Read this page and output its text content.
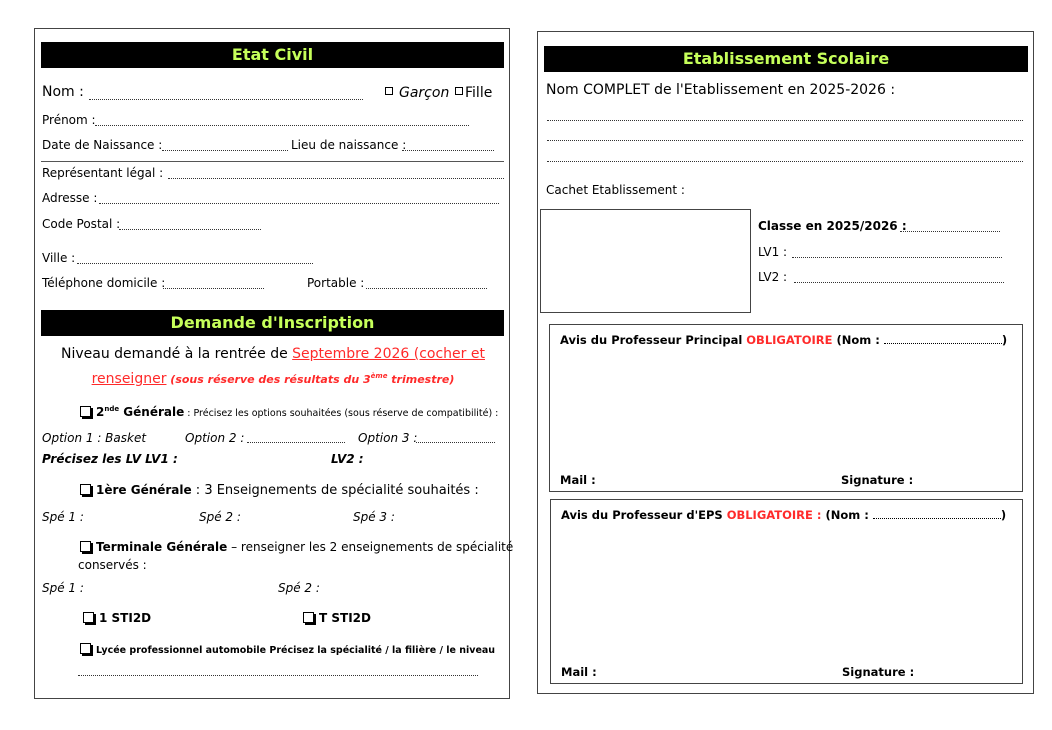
Etat Civil
Nom :	Garçon	Fille
Prénom :
Date de Naissance :	Lieu de naissance :
Représentant légal :
Adresse :
Code Postal :
Ville :
Téléphone domicile :	Portable :
Demande d'Inscription
Niveau demandé à la rentrée de Septembre 2026 (cocher et
renseigner (sous réserve des résultats du 3ème trimestre)
2nde Générale : Précisez les options souhaitées (sous réserve de compatibilité) :
Option 1 : Basket	Option 2 :	Option 3 :
Précisez les LV LV1 :	LV2 :
1ère Générale : 3 Enseignements de spécialité souhaités :
Spé 1 :	Spé 2 :	Spé 3 :
Terminale Générale – renseigner les 2 enseignements de spécialité
conservés :
Spé 1 :	Spé 2 :
1 STI2D	T STI2D
Lycée professionnel automobile Précisez la spécialité / la filière / le niveau
Etablissement Scolaire
Nom COMPLET de l'Etablissement en 2025-2026 :
Cachet Etablissement :
Classe en 2025/2026 :
LV1 :
LV2 :
Avis du Professeur Principal OBLIGATOIRE (Nom :	)
Mail :	Signature :
Avis du Professeur d'EPS OBLIGATOIRE : (Nom :	)
Mail :	Signature :
